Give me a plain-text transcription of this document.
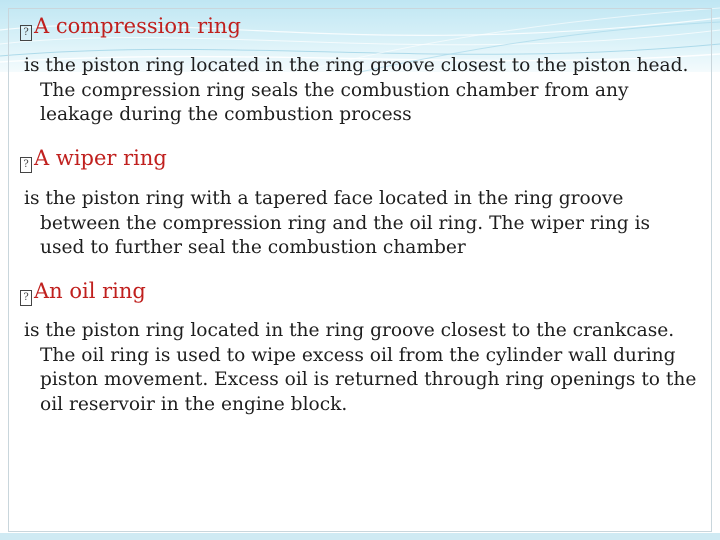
? A compression ring
is the piston ring located in the ring groove closest to the piston head. The compression ring seals the combustion chamber from any leakage during the combustion process
? A wiper ring
is the piston ring with a tapered face located in the ring groove between the compression ring and the oil ring. The wiper ring is used to further seal the combustion chamber
? An oil ring
is the piston ring located in the ring groove closest to the crankcase. The oil ring is used to wipe excess oil from the cylinder wall during piston movement. Excess oil is returned through ring openings to the oil reservoir in the engine block.
